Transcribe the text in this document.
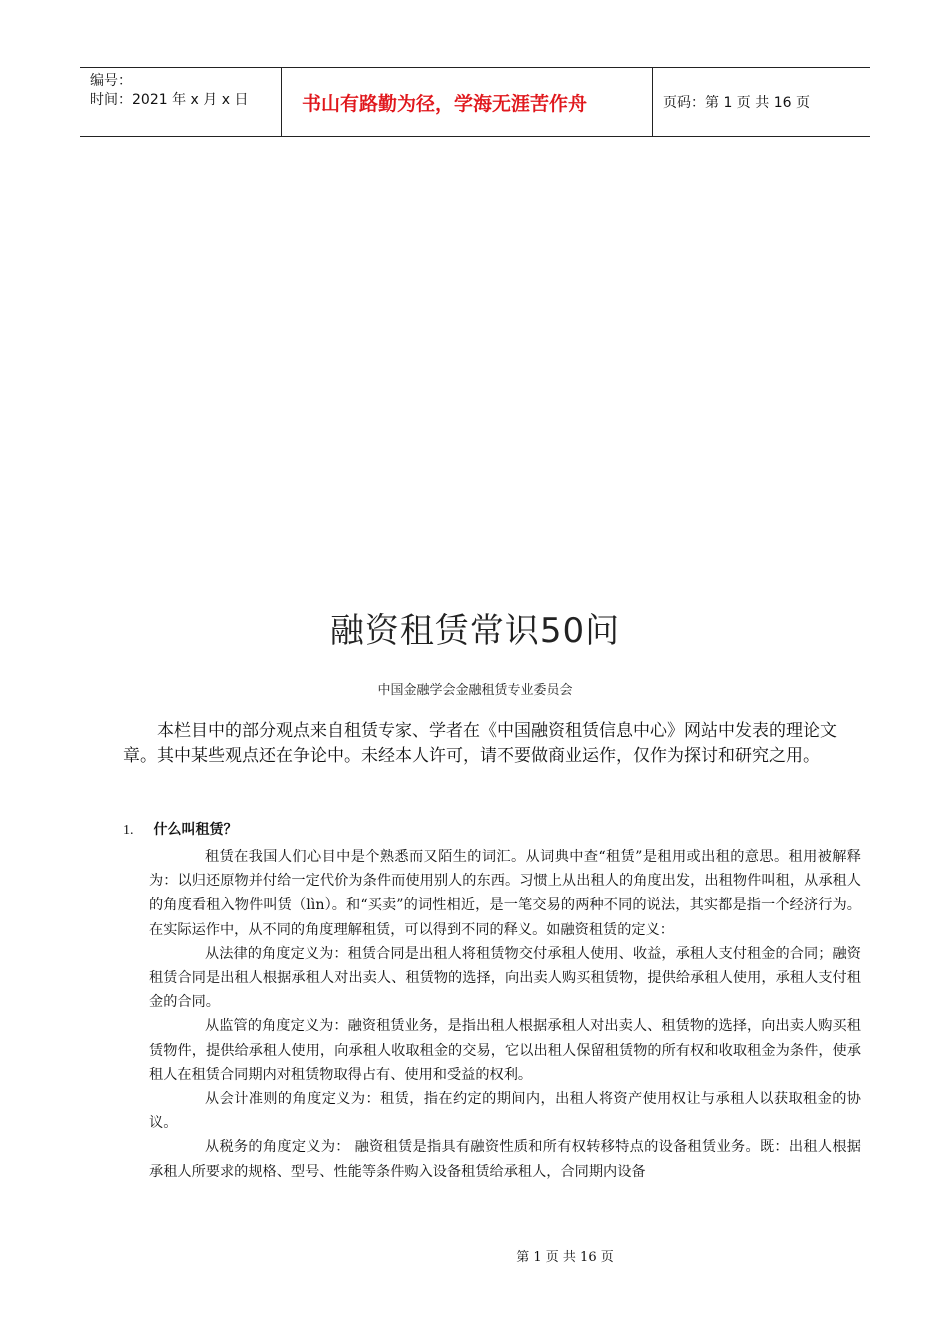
编号：
时间：2021 年 x 月 x 日	书山有路勤为径，学海无涯苦作舟	页码：第 1 页 共 16 页
融资租赁常识50问
中国金融学会金融租赁专业委员会
本栏目中的部分观点来自租赁专家、学者在《中国融资租赁信息中心》网站中发表的理论文章。其中某些观点还在争论中。未经本人许可，请不要做商业运作，仅作为探讨和研究之用。
1. 什么叫租赁？

租赁在我国人们心目中是个熟悉而又陌生的词汇。从词典中查“租赁”是租用或出租的意思。租用被解释为：以归还原物并付给一定代价为条件而使用别人的东西。习惯上从出租人的角度出发，出租物件叫租，从承租人的角度看租入物件叫赁（lìn）。和“买卖”的词性相近，是一笔交易的两种不同的说法，其实都是指一个经济行为。在实际运作中，从不同的角度理解租赁，可以得到不同的释义。如融资租赁的定义：

从法律的角度定义为：租赁合同是出租人将租赁物交付承租人使用、收益，承租人支付租金的合同；融资租赁合同是出租人根据承租人对出卖人、租赁物的选择，向出卖人购买租赁物，提供给承租人使用，承租人支付租金的合同。

从监管的角度定义为：融资租赁业务，是指出租人根据承租人对出卖人、租赁物的选择，向出卖人购买租赁物件，提供给承租人使用，向承租人收取租金的交易，它以出租人保留租赁物的所有权和收取租金为条件，使承租人在租赁合同期内对租赁物取得占有、使用和受益的权利。

从会计准则的角度定义为：租赁，指在约定的期间内，出租人将资产使用权让与承租人以获取租金的协议。

从税务的角度定义为： 融资租赁是指具有融资性质和所有权转移特点的设备租赁业务。既：出租人根据承租人所要求的规格、型号、性能等条件购入设备租赁给承租人，合同期内设备

第 1 页 共 16 页
